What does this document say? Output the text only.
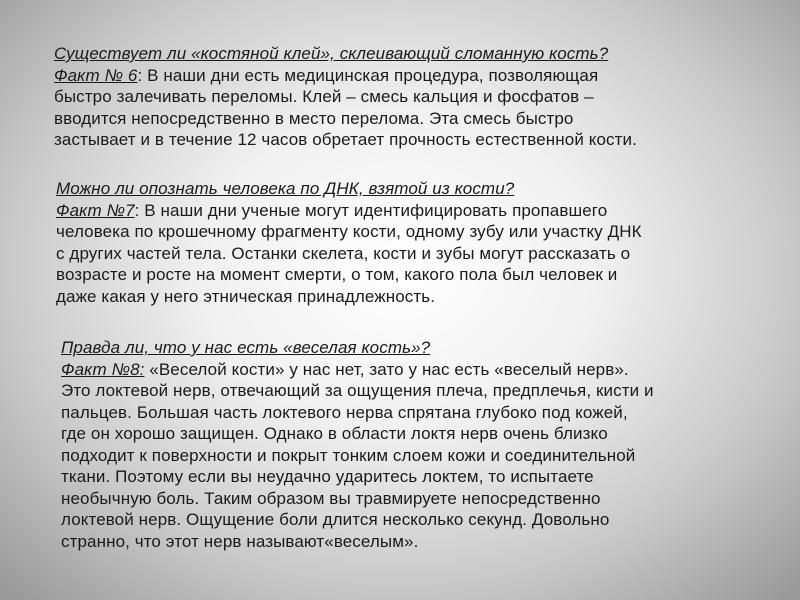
Существует ли «костяной клей», склеивающий сломанную кость?
Факт № 6: В наши дни есть медицинская процедура, позволяющая
быстро залечивать переломы. Клей – смесь кальция и фосфатов –
вводится непосредственно в место перелома. Эта смесь быстро
застывает и в течение 12 часов обретает прочность естественной кости.
Можно ли опознать человека по ДНК, взятой из кости?
Факт №7: В наши дни ученые могут идентифицировать пропавшего
человека по крошечному фрагменту кости, одному зубу или участку ДНК
с других частей тела. Останки скелета, кости и зубы могут рассказать о
возрасте и росте на момент смерти, о том, какого пола был человек и
даже какая у него этническая принадлежность.
Правда ли, что у нас есть «веселая кость»?
Факт №8: «Веселой кости» у нас нет, зато у нас есть «веселый нерв».
Это локтевой нерв, отвечающий за ощущения плеча, предплечья, кисти и
пальцев. Большая часть локтевого нерва спрятана глубоко под кожей,
где он хорошо защищен. Однако в области локтя нерв очень близко
подходит к поверхности и покрыт тонким слоем кожи и соединительной
ткани. Поэтому если вы неудачно ударитесь локтем, то испытаете
необычную боль. Таким образом вы травмируете непосредственно
локтевой нерв. Ощущение боли длится несколько секунд. Довольно
странно, что этот нерв называют«веселым».
